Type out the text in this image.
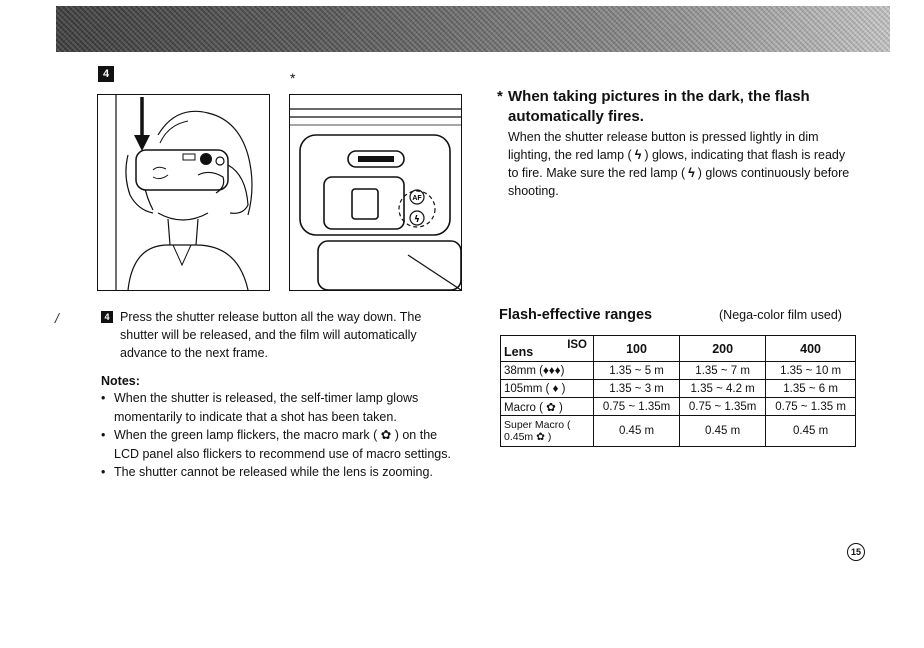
4	*
AF
ϟ
* When taking pictures in the dark, the flash automatically fires.
When the shutter release button is pressed lightly in dim lighting, the red lamp ( ϟ ) glows, indicating that flash is ready to fire. Make sure the red lamp ( ϟ ) glows continuously before shooting.
/	4 Press the shutter release button all the way down. The shutter will be released, and the film will automatically advance to the next frame.
Notes:
• When the shutter is released, the self-timer lamp glows momentarily to indicate that a shot has been taken.
• When the green lamp flickers, the macro mark ( ✿ ) on the LCD panel also flickers to recommend use of macro settings.
• The shutter cannot be released while the lens is zooming.
Flash-effective ranges	(Nega-color film used)
Lens ISO	100	200	400
38mm (♦♦♦)	1.35 ~ 5 m	1.35 ~ 7 m	1.35 ~ 10 m
105mm ( ♦ )	1.35 ~ 3 m	1.35 ~ 4.2 m	1.35 ~ 6 m
Macro ( ✿ )	0.75 ~ 1.35m	0.75 ~ 1.35m	0.75 ~ 1.35 m
Super Macro ( 0.45m ✿ )	0.45 m	0.45 m	0.45 m
15
